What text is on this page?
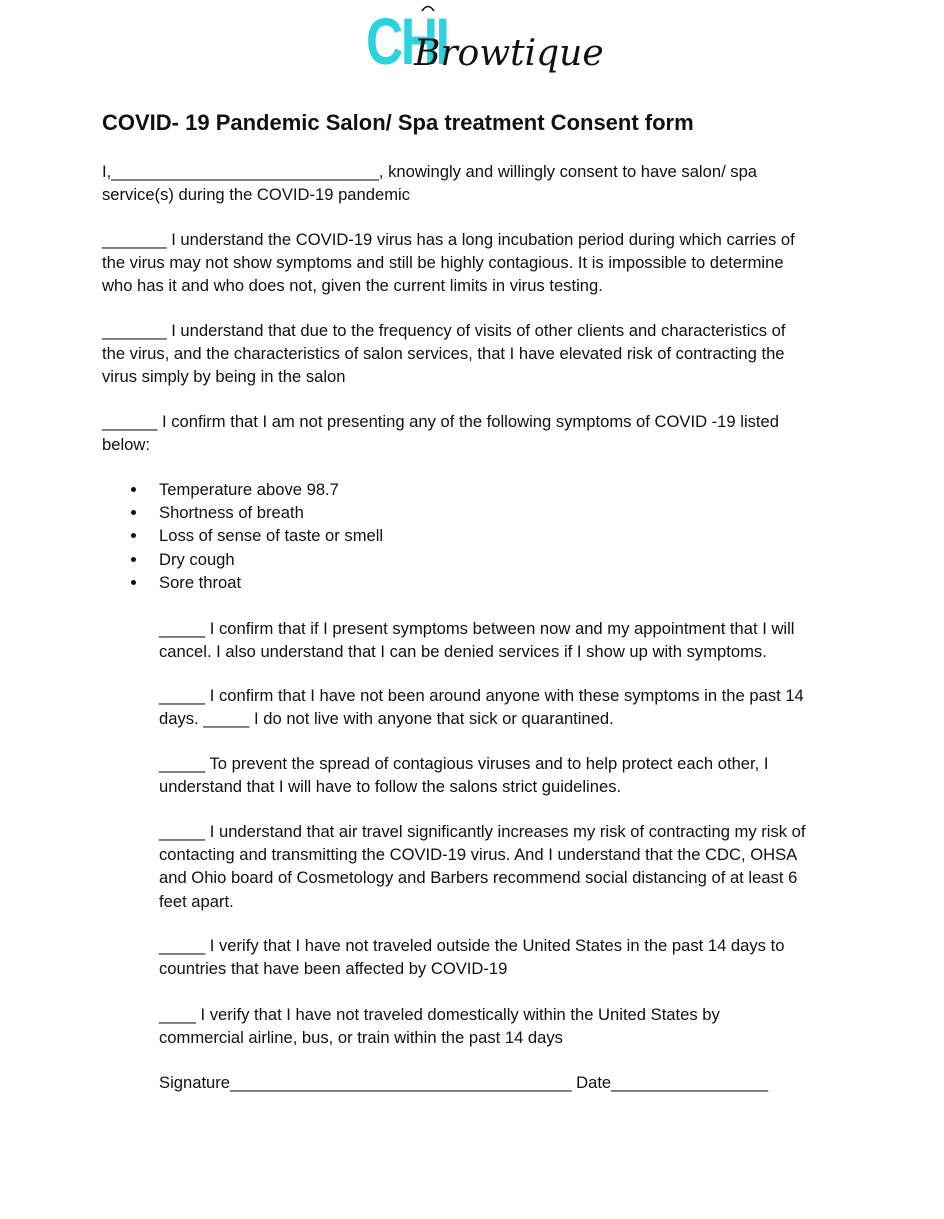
CHI
Browtique
COVID- 19 Pandemic Salon/ Spa treatment Consent form

I,_____________________________, knowingly and willingly consent to have salon/ spa
service(s) during the COVID-19 pandemic

_______ I understand the COVID-19 virus has a long incubation period during which carries of
the virus may not show symptoms and still be highly contagious. It is impossible to determine
who has it and who does not, given the current limits in virus testing.

_______ I understand that due to the frequency of visits of other clients and characteristics of
the virus, and the characteristics of salon services, that I have elevated risk of contracting the
virus simply by being in the salon

______ I confirm that I am not presenting any of the following symptoms of COVID -19 listed
below:

Temperature above 98.7
Shortness of breath
Loss of sense of taste or smell
Dry cough
Sore throat

_____ I confirm that if I present symptoms between now and my appointment that I will
cancel. I also understand that I can be denied services if I show up with symptoms.

_____ I confirm that I have not been around anyone with these symptoms in the past 14
days. _____ I do not live with anyone that sick or quarantined.

_____ To prevent the spread of contagious viruses and to help protect each other, I
understand that I will have to follow the salons strict guidelines.

_____ I understand that air travel significantly increases my risk of contracting my risk of
contacting and transmitting the COVID-19 virus. And I understand that the CDC, OHSA
and Ohio board of Cosmetology and Barbers recommend social distancing of at least 6
feet apart.

_____ I verify that I have not traveled outside the United States in the past 14 days to
countries that have been affected by COVID-19

____ I verify that I have not traveled domestically within the United States by
commercial airline, bus, or train within the past 14 days

Signature_____________________________________ Date_________________
